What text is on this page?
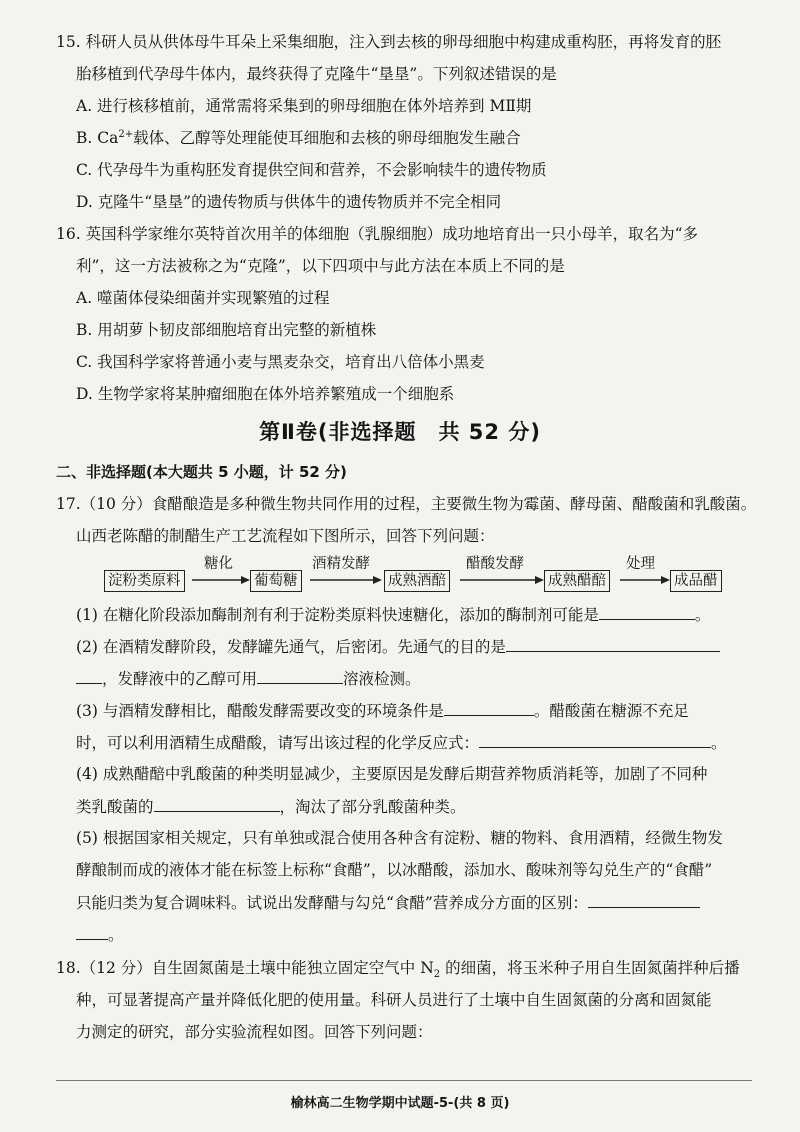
15. 科研人员从供体母牛耳朵上采集细胞，注入到去核的卵母细胞中构建成重构胚，再将发育的胚
胎移植到代孕母牛体内，最终获得了克隆牛“垦垦”。下列叙述错误的是
A. 进行核移植前，通常需将采集到的卵母细胞在体外培养到 MⅡ期
B. $Ca^{2+}$载体、乙醇等处理能使耳细胞和去核的卵母细胞发生融合
C. 代孕母牛为重构胚发育提供空间和营养，不会影响犊牛的遗传物质
D. 克隆牛“垦垦”的遗传物质与供体牛的遗传物质并不完全相同
16. 英国科学家维尔英特首次用羊的体细胞（乳腺细胞）成功地培育出一只小母羊，取名为“多
利”，这一方法被称之为“克隆”，以下四项中与此方法在本质上不同的是
A. 噬菌体侵染细菌并实现繁殖的过程
B. 用胡萝卜韧皮部细胞培育出完整的新植株
C. 我国科学家将普通小麦与黑麦杂交，培育出八倍体小黑麦
D. 生物学家将某肿瘤细胞在体外培养繁殖成一个细胞系
第Ⅱ卷(非选择题　共 52 分)
二、非选择题(本大题共 5 小题，计 52 分)
17.（10 分）食醋酿造是多种微生物共同作用的过程，主要微生物为霉菌、酵母菌、醋酸菌和乳酸菌。
山西老陈醋的制醋生产工艺流程如下图所示，回答下列问题：
淀粉类原料
糖化
葡萄糖
酒精发酵
成熟酒醅
醋酸发酵
成熟醋醅
处理
成品醋
(1) 在糖化阶段添加酶制剂有利于淀粉类原料快速糖化，添加的酶制剂可能是	。
(2) 在酒精发酵阶段，发酵罐先通气，后密闭。先通气的目的是
，发酵液中的乙醇可用	溶液检测。
(3) 与酒精发酵相比，醋酸发酵需要改变的环境条件是	。醋酸菌在糖源不充足
时，可以利用酒精生成醋酸，请写出该过程的化学反应式：	。
(4) 成熟醋醅中乳酸菌的种类明显减少，主要原因是发酵后期营养物质消耗等，加剧了不同种
类乳酸菌的	，淘汰了部分乳酸菌种类。
(5) 根据国家相关规定，只有单独或混合使用各种含有淀粉、糖的物料、食用酒精，经微生物发
酵酿制而成的液体才能在标签上标称“食醋”，以冰醋酸，添加水、酸味剂等勾兑生产的“食醋”
只能归类为复合调味料。试说出发酵醋与勾兑“食醋”营养成分方面的区别：
。
18.（12 分）自生固氮菌是土壤中能独立固定空气中 $N_2$ 的细菌，将玉米种子用自生固氮菌拌种后播
种，可显著提高产量并降低化肥的使用量。科研人员进行了土壤中自生固氮菌的分离和固氮能
力测定的研究，部分实验流程如图。回答下列问题：
榆林高二生物学期中试题-5-(共 8 页)
